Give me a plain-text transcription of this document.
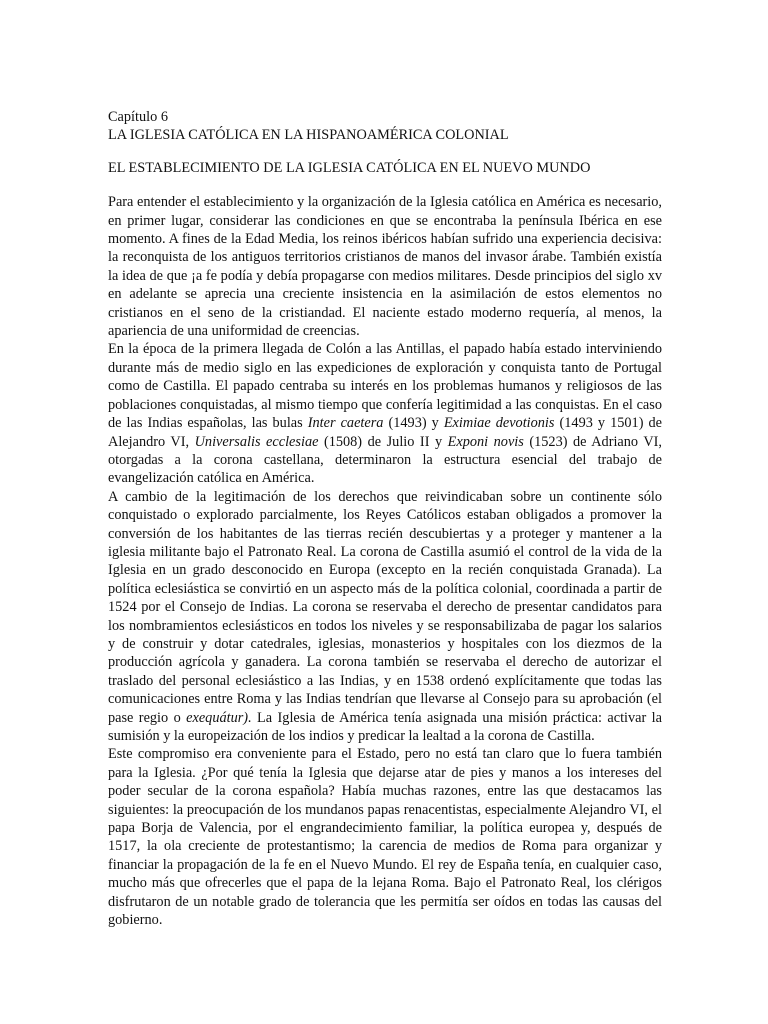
Capítulo 6

LA IGLESIA CATÓLICA EN LA HISPANOAMÉRICA COLONIAL

EL ESTABLECIMIENTO DE LA IGLESIA CATÓLICA EN EL NUEVO MUNDO

Para entender el establecimiento y la organización de la Iglesia católica en América es necesario, en primer lugar, considerar las condiciones en que se encontraba la península Ibérica en ese momento. A fines de la Edad Media, los reinos ibéricos habían sufrido una experiencia decisiva: la reconquista de los antiguos territorios cristianos de manos del invasor árabe. También existía la idea de que ¡a fe podía y debía propagarse con medios militares. Desde principios del siglo xv en adelante se aprecia una creciente insistencia en la asimilación de estos elementos no cristianos en el seno de la cristiandad. El naciente estado moderno requería, al menos, la apariencia de una uniformidad de creencias.

En la época de la primera llegada de Colón a las Antillas, el papado había estado interviniendo durante más de medio siglo en las expediciones de exploración y conquista tanto de Portugal como de Castilla. El papado centraba su interés en los problemas humanos y religiosos de las poblaciones conquistadas, al mismo tiempo que confería legitimidad a las conquistas. En el caso de las Indias españolas, las bulas Inter caetera (1493) y Eximiae devotionis (1493 y 1501) de Alejandro VI, Universalis ecclesiae (1508) de Julio II y Exponi novis (1523) de Adriano VI, otorgadas a la corona castellana, determinaron la estructura esencial del trabajo de evangelización católica en América.

A cambio de la legitimación de los derechos que reivindicaban sobre un continente sólo conquistado o explorado parcialmente, los Reyes Católicos estaban obligados a promover la conversión de los habitantes de las tierras recién descubiertas y a proteger y mantener a la iglesia militante bajo el Patronato Real. La corona de Castilla asumió el control de la vida de la Iglesia en un grado desconocido en Europa (excepto en la recién conquistada Granada). La política eclesiástica se convirtió en un aspecto más de la política colonial, coordinada a partir de 1524 por el Consejo de Indias. La corona se reservaba el derecho de presentar candidatos para los nombramientos eclesiásticos en todos los niveles y se responsabilizaba de pagar los salarios y de construir y dotar catedrales, iglesias, monasterios y hospitales con los diezmos de la producción agrícola y ganadera. La corona también se reservaba el derecho de autorizar el traslado del personal eclesiástico a las Indias, y en 1538 ordenó explícitamente que todas las comunicaciones entre Roma y las Indias tendrían que llevarse al Consejo para su aprobación (el pase regio o exequátur). La Iglesia de América tenía asignada una misión práctica: activar la sumisión y la europeización de los indios y predicar la lealtad a la corona de Castilla.

Este compromiso era conveniente para el Estado, pero no está tan claro que lo fuera también para la Iglesia. ¿Por qué tenía la Iglesia que dejarse atar de pies y manos a los intereses del poder secular de la corona española? Había muchas razones, entre las que destacamos las siguientes: la preocupación de los mundanos papas renacentistas, especialmente Alejandro VI, el papa Borja de Valencia, por el engrandecimiento familiar, la política europea y, después de 1517, la ola creciente de protestantismo; la carencia de medios de Roma para organizar y financiar la propagación de la fe en el Nuevo Mundo. El rey de España tenía, en cualquier caso, mucho más que ofrecerles que el papa de la lejana Roma. Bajo el Patronato Real, los clérigos disfrutaron de un notable grado de tolerancia que les permitía ser oídos en todas las causas del gobierno.
